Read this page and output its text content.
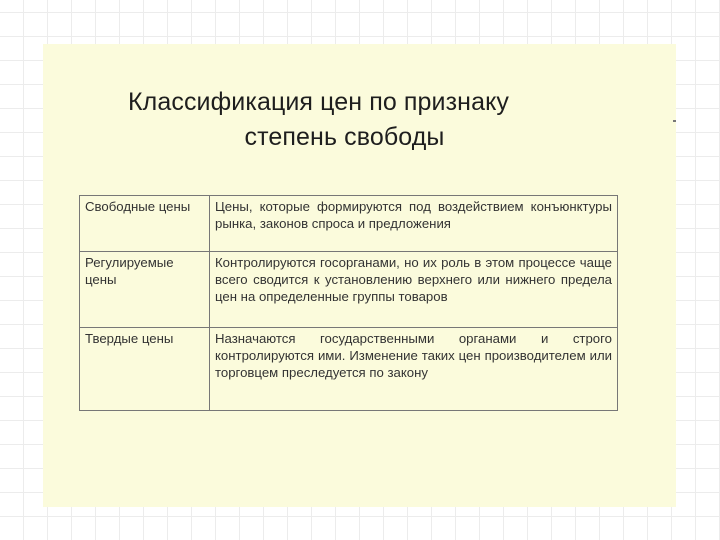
Классификация цен по признаку
степень свободы
Свободные цены	Цены, которые формируются под воздействием конъюнктуры рынка, законов спроса и предложения
Регулируемые цены	Контролируются госорганами, но их роль в этом процессе чаще всего сводится к установлению верхнего или нижнего предела цен на определенные группы товаров
Твердые цены	Назначаются государственными органами и строго контролируются ими. Изменение таких цен производителем или торговцем преследуется по закону
